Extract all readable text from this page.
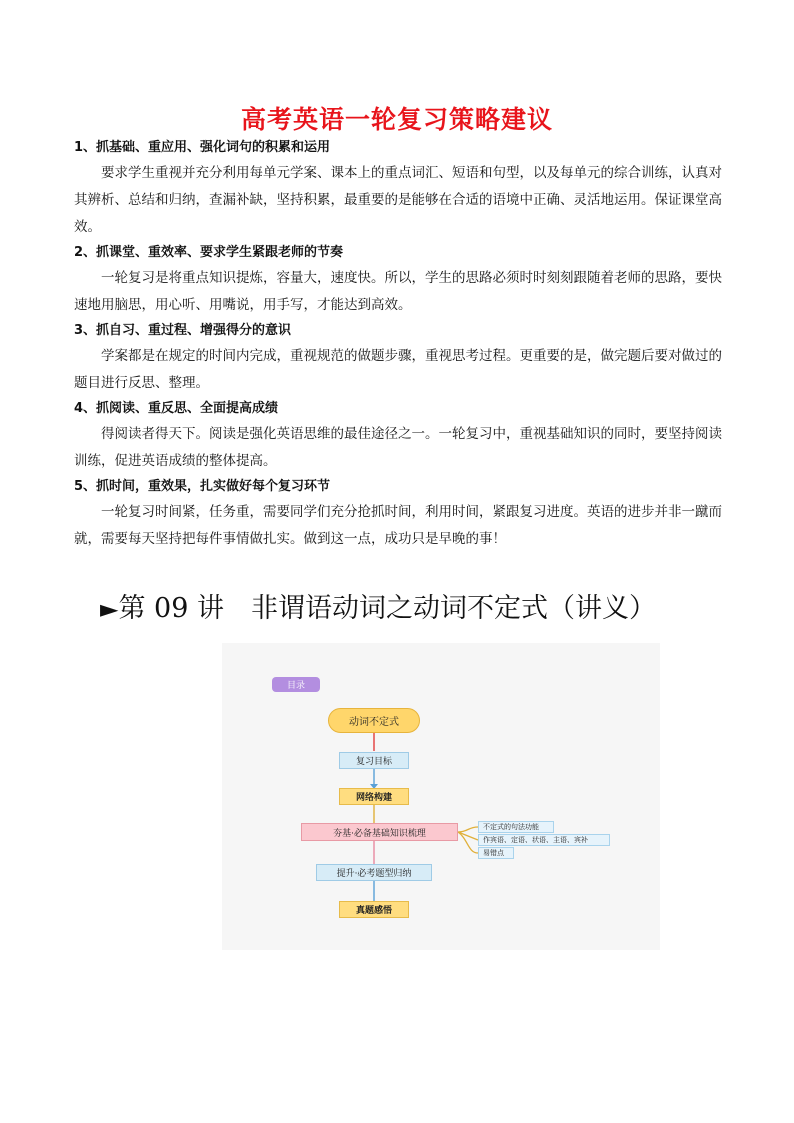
高考英语一轮复习策略建议

1、抓基础、重应用、强化词句的积累和运用

要求学生重视并充分利用每单元学案、课本上的重点词汇、短语和句型，以及每单元的综合训练，认真对其辨析、总结和归纳，查漏补缺，坚持积累，最重要的是能够在合适的语境中正确、灵活地运用。保证课堂高效。

2、抓课堂、重效率、要求学生紧跟老师的节奏

一轮复习是将重点知识提炼，容量大，速度快。所以，学生的思路必须时时刻刻跟随着老师的思路，要快速地用脑思，用心听、用嘴说，用手写，才能达到高效。

3、抓自习、重过程、增强得分的意识

学案都是在规定的时间内完成，重视规范的做题步骤，重视思考过程。更重要的是，做完题后要对做过的题目进行反思、整理。

4、抓阅读、重反思、全面提高成绩

得阅读者得天下。阅读是强化英语思维的最佳途径之一。一轮复习中，重视基础知识的同时，要坚持阅读训练，促进英语成绩的整体提高。

5、抓时间，重效果，扎实做好每个复习环节

一轮复习时间紧，任务重，需要同学们充分抢抓时间，利用时间，紧跟复习进度。英语的进步并非一蹴而就，需要每天坚持把每件事情做扎实。做到这一点，成功只是早晚的事！

►第 09 讲　非谓语动词之动词不定式（讲义）
目录
动词不定式
复习目标
网络构建
夯基·必备基础知识梳理
不定式的句法功能
作宾语、定语、状语、主语、宾补
易错点
提升·必考题型归纳
真题感悟
